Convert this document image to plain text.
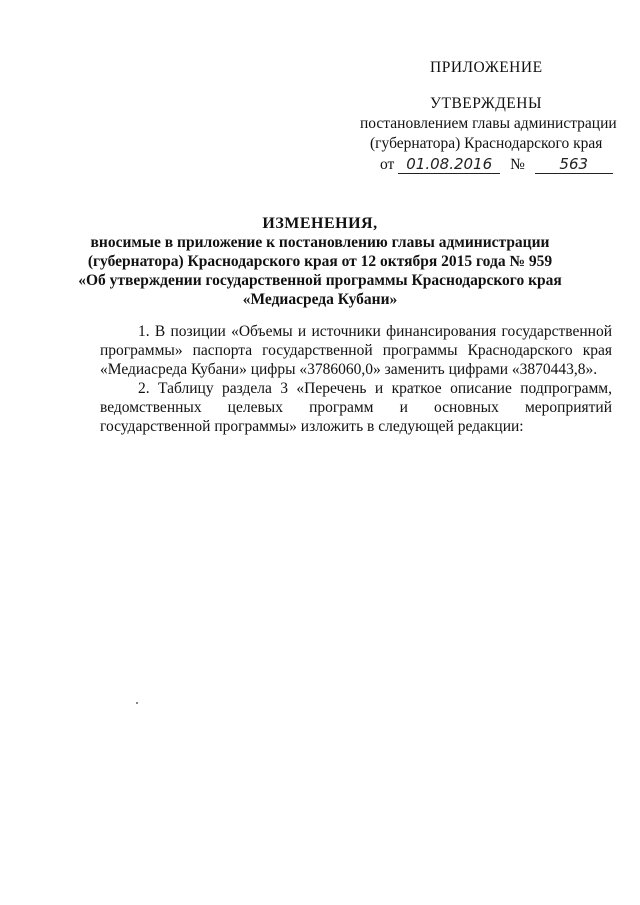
ПРИЛОЖЕНИЕ
УТВЕРЖДЕНЫ
постановлением главы администрации
(губернатора) Краснодарского края
от 01.08.2016 № 563
ИЗМЕНЕНИЯ,
вносимые в приложение к постановлению главы администрации
(губернатора) Краснодарского края от 12 октября 2015 года № 959
«Об утверждении государственной программы Краснодарского края
«Медиасреда Кубани»

1. В позиции «Объемы и источники финансирования государственной программы» паспорта государственной программы Краснодарского края «Медиасреда Кубани» цифры «3786060,0» заменить цифрами «3870443,8».

2. Таблицу раздела 3 «Перечень и краткое описание подпрограмм, ведомственных целевых программ и основных мероприятий государственной программы» изложить в следующей редакции:
